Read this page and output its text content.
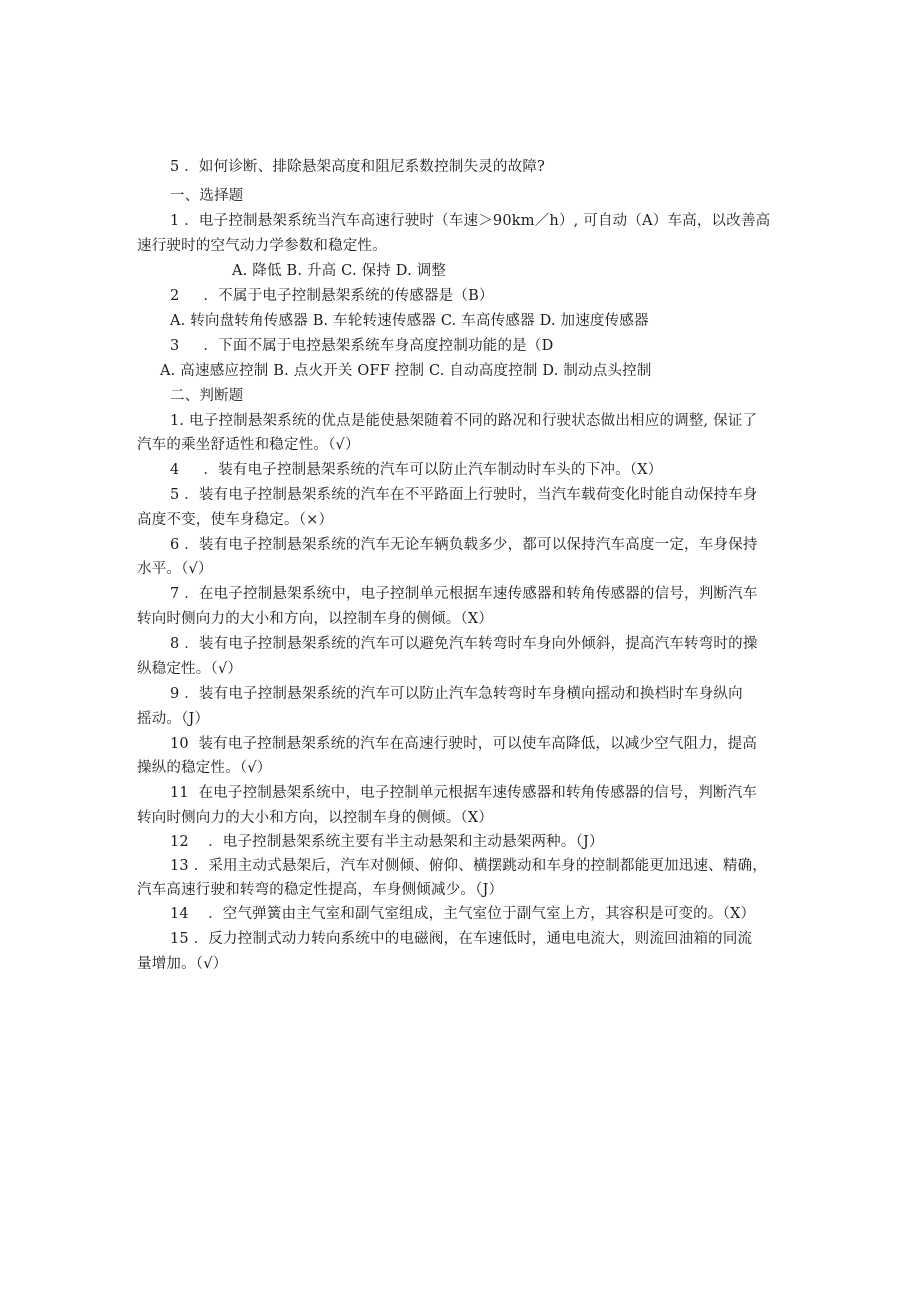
5 ．如何诊断、排除悬架高度和阻尼系数控制失灵的故障?
一、选择题
1 ．电子控制悬架系统当汽车高速行驶时（车速＞90km／h）, 可自动（A）车高，以改善高
速行驶时的空气动力学参数和稳定性。
A. 降低 B. 升高 C. 保持 D. 调整
2     ．不属于电子控制悬架系统的传感器是（B）
A. 转向盘转角传感器 B. 车轮转速传感器 C. 车高传感器 D. 加速度传感器
3     ．下面不属于电控悬架系统车身高度控制功能的是（D
A. 高速感应控制 B. 点火开关 OFF 控制 C. 自动高度控制 D. 制动点头控制
二、判断题
1. 电子控制悬架系统的优点是能使悬架随着不同的路况和行驶状态做出相应的调整, 保证了
汽车的乘坐舒适性和稳定性。（√）
4     ．装有电子控制悬架系统的汽车可以防止汽车制动时车头的下冲。（X）
5 ．装有电子控制悬架系统的汽车在不平路面上行驶时，当汽车载荷变化时能自动保持车身
高度不变，使车身稳定。（×）
6 ．装有电子控制悬架系统的汽车无论车辆负载多少，都可以保持汽车高度一定，车身保持
水平。（√）
7 ．在电子控制悬架系统中，电子控制单元根据车速传感器和转角传感器的信号，判断汽车
转向时侧向力的大小和方向，以控制车身的侧倾。（X）
8 ．装有电子控制悬架系统的汽车可以避免汽车转弯时车身向外倾斜，提高汽车转弯时的操
纵稳定性。（√）
9 ．装有电子控制悬架系统的汽车可以防止汽车急转弯时车身横向摇动和换档时车身纵向
摇动。（J）
10  装有电子控制悬架系统的汽车在高速行驶时，可以使车高降低，以减少空气阻力，提高
操纵的稳定性。（√）
11  在电子控制悬架系统中，电子控制单元根据车速传感器和转角传感器的信号，判断汽车
转向时侧向力的大小和方向，以控制车身的侧倾。（X）
12    ．电子控制悬架系统主要有半主动悬架和主动悬架两种。（J）
13 ．采用主动式悬架后，汽车对侧倾、俯仰、横摆跳动和车身的控制都能更加迅速、精确，
汽车高速行驶和转弯的稳定性提高，车身侧倾减少。（J）
14    ．空气弹簧由主气室和副气室组成，主气室位于副气室上方，其容积是可变的。（X）
15 ．反力控制式动力转向系统中的电磁阀，在车速低时，通电电流大，则流回油箱的同流
量增加。（√）
